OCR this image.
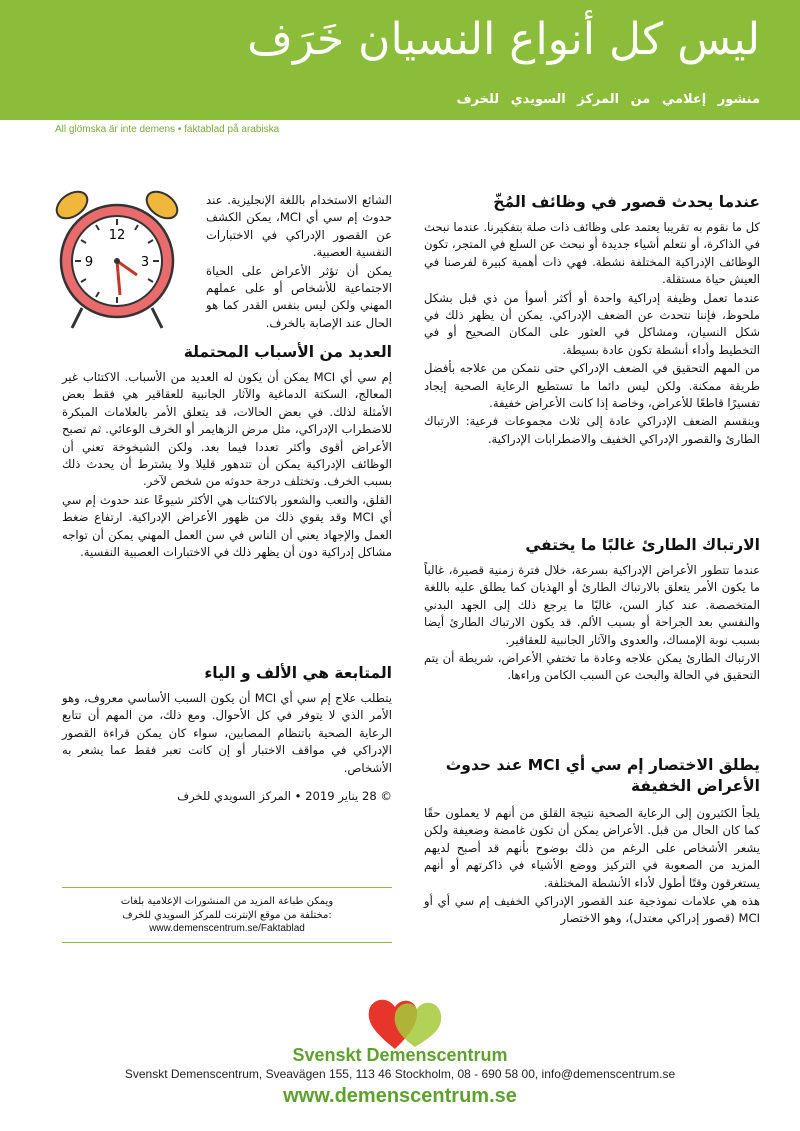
ليس كل أنواع النسيان خَرَف
منشور إعلامي من المركز السويدي للخرف
All glömska är inte demens • faktablad på arabiska
12
3
9
عندما يحدث قصور في وظائف المُخّ

كل ما نقوم به تقريبا يعتمد على وظائف ذات صلة بتفكيرنا. عندما نبحث في الذاكرة، أو نتعلم أشياء جديدة أو نبحث عن السلع في المتجر، تكون الوظائف الإدراكية المختلفة نشطة. فهي ذات أهمية كبيرة لفرصنا في العيش حياة مستقلة.

عندما تعمل وظيفة إدراكية واحدة أو أكثر أسوأ من ذي قبل بشكل ملحوظ، فإننا نتحدث عن الضعف الإدراكي. يمكن أن يظهر ذلك في شكل النسيان، ومشاكل في العثور على المكان الصحيح أو في التخطيط وأداء أنشطة تكون عادة بسيطة.

من المهم التحقيق في الضعف الإدراكي حتى نتمكن من علاجه بأفضل طريقة ممكنة. ولكن ليس دائما ما تستطيع الرعاية الصحية إيجاد تفسيرًا قاطعًا للأعراض، وخاصة إذا كانت الأعراض خفيفة.

وينقسم الضعف الإدراكي عادة إلى ثلاث مجموعات فرعية: الارتباك الطارئ والقصور الإدراكي الخفيف والاضطرابات الإدراكية.

الارتباك الطارئ غالبًا ما يختفي

عندما تتطور الأعراض الإدراكية بسرعة، خلال فترة زمنية قصيرة، غالباً ما يكون الأمر يتعلق بالارتباك الطارئ أو الهذيان كما يطلق عليه باللغة المتخصصة. عند كبار السن، غالبًا ما يرجع ذلك إلى الجهد البدني والنفسي بعد الجراحة أو بسبب الألم. قد يكون الارتباك الطارئ أيضا بسبب نوبة الإمساك، والعدوى والآثار الجانبية للعقاقير.

الارتباك الطارئ يمكن علاجه وعادة ما تختفي الأعراض، شريطة أن يتم التحقيق في الحالة والبحث عن السبب الكامن وراءها.

يطلق الاختصار إم سي أي MCI عند حدوث الأعراض الخفيفة

يلجأ الكثيرون إلى الرعاية الصحية نتيجة القلق من أنهم لا يعملون حقًا كما كان الحال من قبل. الأعراض يمكن أن تكون غامضة وضعيفة ولكن يشعر الأشخاص على الرغم من ذلك بوضوح بأنهم قد أصبح لديهم المزيد من الصعوبة في التركيز ووضع الأشياء في ذاكرتهم أو أنهم يستغرقون وقتًا أطول لأداء الأنشطة المختلفة.

هذه هي علامات نموذجية عند القصور الإدراكي الخفيف إم سي أي أو MCI (قصور إدراكي معتدل)، وهو الاختصار

الشائع الاستخدام باللغة الإنجليزية. عند حدوث إم سي أي MCI، يمكن الكشف عن القصور الإدراكي في الاختبارات النفسية العصبية.

يمكن أن تؤثر الأعراض على الحياة الاجتماعية للأشخاص أو على عملهم المهني ولكن ليس بنفس القدر كما هو الحال عند الإصابة بالخرف.

العديد من الأسباب المحتملة

إم سي أي MCI يمكن أن يكون له العديد من الأسباب. الاكتئاب غير المعالج، السكتة الدماغية والآثار الجانبية للعقاقير هي فقط بعض الأمثلة لذلك. في بعض الحالات، قد يتعلق الأمر بالعلامات المبكرة للاضطراب الإدراكي، مثل مرض الزهايمر أو الخرف الوعائي. ثم تصبح الأعراض أقوى وأكثر تعددا فيما بعد. ولكن الشيخوخة تعني أن الوظائف الإدراكية يمكن أن تتدهور قليلا ولا يشترط أن يحدث ذلك بسبب الخرف. وتختلف درجة حدوثه من شخص لآخر.

القلق، والتعب والشعور بالاكتئاب هي الأكثر شيوعًا عند حدوث إم سي أي MCI وقد يقوي ذلك من ظهور الأعراض الإدراكية. ارتفاع ضغط العمل والإجهاد يعني أن الناس في سن العمل المهني يمكن أن تواجه مشاكل إدراكية دون أن يظهر ذلك في الاختبارات العصبية النفسية.

المتابعة هي الألف و الياء

يتطلب علاج إم سي أي MCI أن يكون السبب الأساسي معروف، وهو الأمر الذي لا يتوفر في كل الأحوال. ومع ذلك، من المهم أن تتابع الرعاية الصحية باتنظام المصابين، سواء كان يمكن قراءة القصور الإدراكي في مواقف الاختبار أو إن كانت تعبر فقط عما يشعر به الأشخاص.

© 28 يناير 2019 • المركز السويدي للخرف

ويمكن طباعة المزيد من المنشورات الإعلامية بلغات
مختلفة من موقع الإنترنت للمركز السويدي للخرف:
www.demenscentrum.se/Faktablad
Svenskt Demenscentrum
Svenskt Demenscentrum, Sveavägen 155, 113 46 Stockholm, 08 - 690 58 00, info@demenscentrum.se
www.demenscentrum.se
